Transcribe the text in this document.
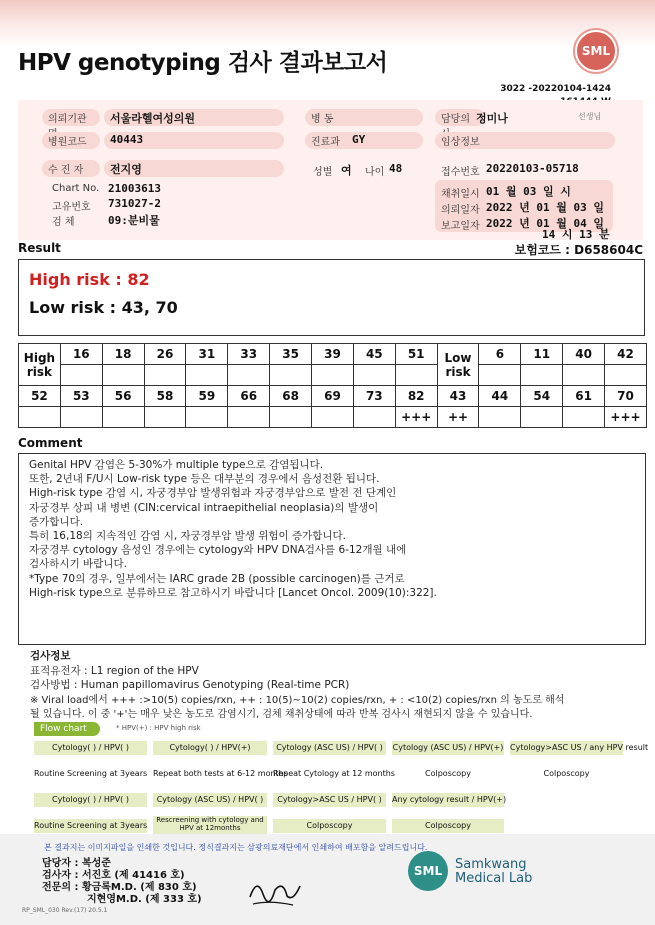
HPV genotyping 검사 결과보고서	SML
3022 -20220104-1424
의뢰기관	서울라헬여성의원	병 동	담당의 정미나	선생님
병원코드	40443	진료과	GY	임상정보
수 진 자	전지영	성별 여 나이 48	접수번호 20220103-05718
Chart No. 21003613
고유번호 731027-2
검 체	09:분비물
채취일시 01 월 03 일 시
의뢰일자 2022 년 01 월 03 일
보고일자 2022 년 01 월 04 일
14 시 13 분
Result	보험코드 : D658604C
High risk : 82
Low risk : 43, 70
High risk	16	18	26	31	33	35	39	45	51	Low risk	6	11	40	42

52	53	56	58	59	66	68	69	73	82	43	44	54	61	70
									+++	++				+++
Comment
Genital HPV 감염은 5-30%가 multiple type으로 감염됩니다.
또한, 2년내 F/U시 Low-risk type 등은 대부분의 경우에서 음성전환 됩니다.
High-risk type 감염 시, 자궁경부암 발생위험과 자궁경부암으로 발전 전 단계인
자궁경부 상피 내 병변 (CIN:cervical intraepithelial neoplasia)의 발생이
증가합니다.
특히 16,18의 지속적인 감염 시, 자궁경부암 발생 위험이 증가합니다.
자궁경부 cytology 음성인 경우에는 cytology와 HPV DNA검사를 6-12개월 내에
검사하시기 바랍니다.
*Type 70의 경우, 일부에서는 IARC grade 2B (possible carcinogen)를 근거로
High-risk type으로 분류하므로 참고하시기 바랍니다 [Lancet Oncol. 2009(10):322].
검사정보
표적유전자 : L1 region of the HPV
검사방법 : Human papillomavirus Genotyping (Real-time PCR)
※ Viral load에서 +++ :>10(5) copies/rxn, ++ : 10(5)~10(2) copies/rxn, + : <10(2) copies/rxn 의 농도로 해석
될 있습니다. 이 중 '+'는 매우 낮은 농도로 감염시기, 검체 채취상태에 따라 반복 검사시 재현되지 않을 수 있습니다.
Flow chart	* HPV(+) : HPV high risk
Cytology( ) / HPV( )	Cytology( ) / HPV(+)	Cytology (ASC US) / HPV( )	Cytology (ASC US) / HPV(+) Cytology>ASC US / any HPV result
Routine Screening at 3years Repeat both tests at 6-12 months
Repeat Cytology at 12 months	Colposcopy	Colposcopy
Cytology( ) / HPV( )	Cytology (ASC US) / HPV( )	Cytology>ASC US / HPV( )	Any cytology result / HPV(+)
Routine Screening at 3years
Rescreening with cytology and HPV at 12months	Colposcopy	Colposcopy
본 결과지는 이미지파일을 인쇄한 것입니다. 정식결과지는 삼광의료재단에서 인쇄하여 배포함을 알려드립니다.
담당자 : 복성준
검사자 : 서진호 (제 41416 호)
전문의 : 황금록M.D. (제 830 호)
지현영M.D. (제 333 호)
SML Samkwang
Medical Lab
RP_SML_030 Rev.(17) 20.5.1
